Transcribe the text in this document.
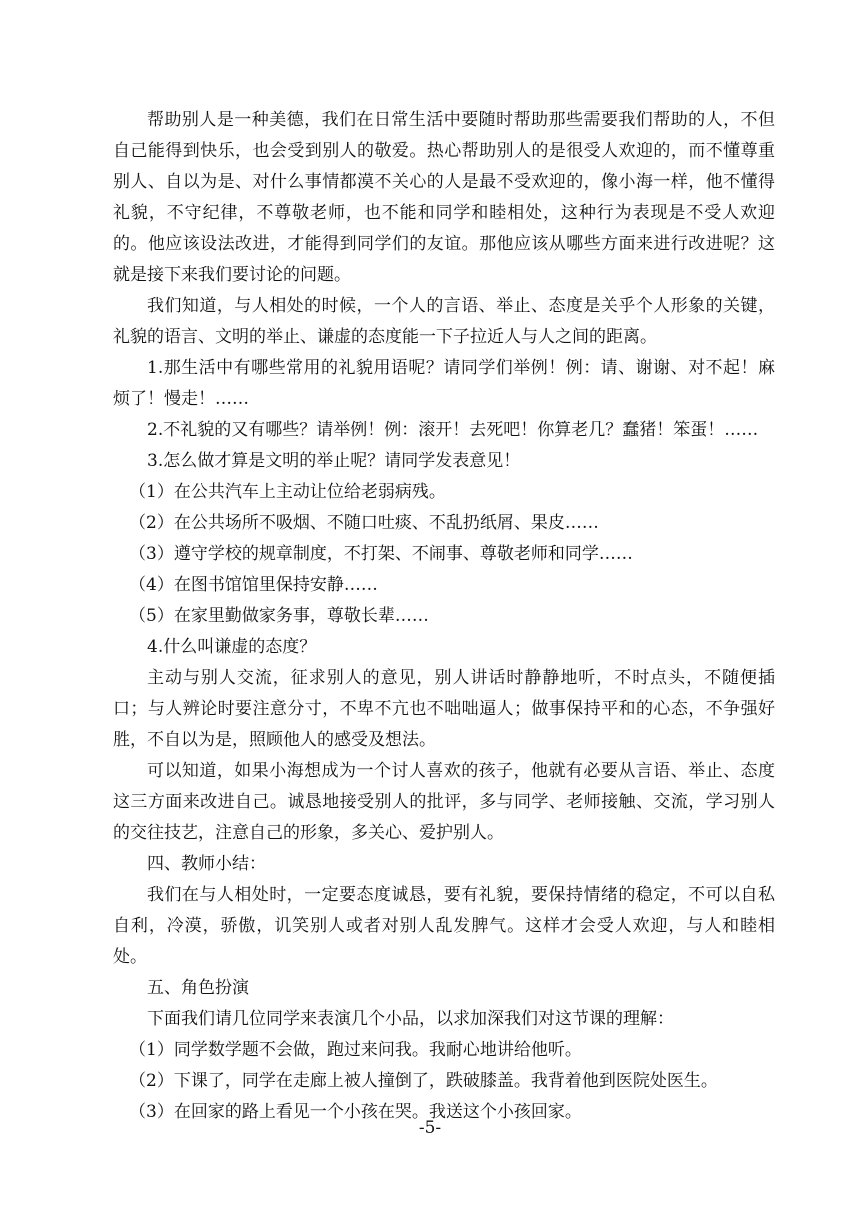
帮助别人是一种美德，我们在日常生活中要随时帮助那些需要我们帮助的人，不但自己能得到快乐，也会受到别人的敬爱。热心帮助别人的是很受人欢迎的，而不懂尊重别人、自以为是、对什么事情都漠不关心的人是最不受欢迎的，像小海一样，他不懂得礼貌，不守纪律，不尊敬老师，也不能和同学和睦相处，这种行为表现是不受人欢迎的。他应该设法改进，才能得到同学们的友谊。那他应该从哪些方面来进行改进呢？这就是接下来我们要讨论的问题。

我们知道，与人相处的时候，一个人的言语、举止、态度是关乎个人形象的关键，礼貌的语言、文明的举止、谦虚的态度能一下子拉近人与人之间的距离。

1.那生活中有哪些常用的礼貌用语呢？请同学们举例！例：请、谢谢、对不起！麻烦了！慢走！……

2.不礼貌的又有哪些？请举例！例：滚开！去死吧！你算老几？蠢猪！笨蛋！……

3.怎么做才算是文明的举止呢？请同学发表意见！

（1）在公共汽车上主动让位给老弱病残。

（2）在公共场所不吸烟、不随口吐痰、不乱扔纸屑、果皮……

（3）遵守学校的规章制度，不打架、不闹事、尊敬老师和同学……

（4）在图书馆馆里保持安静……

（5）在家里勤做家务事，尊敬长辈……

4.什么叫谦虚的态度？

主动与别人交流，征求别人的意见，别人讲话时静静地听，不时点头，不随便插口；与人辨论时要注意分寸，不卑不亢也不咄咄逼人；做事保持平和的心态，不争强好胜，不自以为是，照顾他人的感受及想法。

可以知道，如果小海想成为一个讨人喜欢的孩子，他就有必要从言语、举止、态度这三方面来改进自己。诚恳地接受别人的批评，多与同学、老师接触、交流，学习别人的交往技艺，注意自己的形象，多关心、爱护别人。

四、教师小结：

我们在与人相处时，一定要态度诚恳，要有礼貌，要保持情绪的稳定，不可以自私自利，冷漠，骄傲，讥笑别人或者对别人乱发脾气。这样才会受人欢迎，与人和睦相处。

五、角色扮演

下面我们请几位同学来表演几个小品，以求加深我们对这节课的理解：

（1）同学数学题不会做，跑过来问我。我耐心地讲给他听。

（2）下课了，同学在走廊上被人撞倒了，跌破膝盖。我背着他到医院处医生。

（3）在回家的路上看见一个小孩在哭。我送这个小孩回家。

-5-
